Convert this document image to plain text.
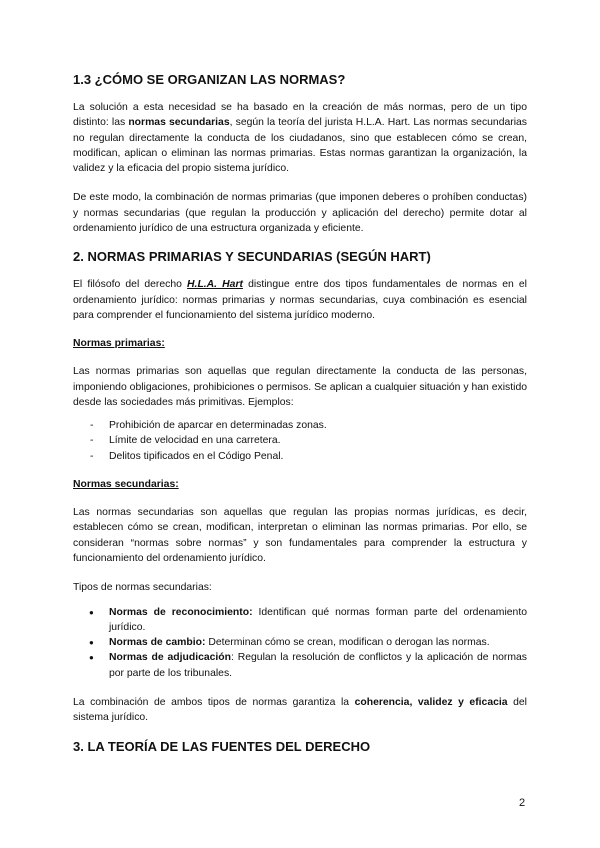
1.3 ¿CÓMO SE ORGANIZAN LAS NORMAS?

La solución a esta necesidad se ha basado en la creación de más normas, pero de un tipo distinto: las normas secundarias, según la teoría del jurista H.L.A. Hart. Las normas secundarias no regulan directamente la conducta de los ciudadanos, sino que establecen cómo se crean, modifican, aplican o eliminan las normas primarias. Estas normas garantizan la organización, la validez y la eficacia del propio sistema jurídico.

De este modo, la combinación de normas primarias (que imponen deberes o prohíben conductas) y normas secundarias (que regulan la producción y aplicación del derecho) permite dotar al ordenamiento jurídico de una estructura organizada y eficiente.

2. NORMAS PRIMARIAS Y SECUNDARIAS (SEGÚN HART)

El filósofo del derecho H.L.A. Hart distingue entre dos tipos fundamentales de normas en el ordenamiento jurídico: normas primarias y normas secundarias, cuya combinación es esencial para comprender el funcionamiento del sistema jurídico moderno.

Normas primarias:

Las normas primarias son aquellas que regulan directamente la conducta de las personas, imponiendo obligaciones, prohibiciones o permisos. Se aplican a cualquier situación y han existido desde las sociedades más primitivas. Ejemplos:

- Prohibición de aparcar en determinadas zonas.
- Límite de velocidad en una carretera.
- Delitos tipificados en el Código Penal.
Normas secundarias:

Las normas secundarias son aquellas que regulan las propias normas jurídicas, es decir, establecen cómo se crean, modifican, interpretan o eliminan las normas primarias. Por ello, se consideran “normas sobre normas” y son fundamentales para comprender la estructura y funcionamiento del ordenamiento jurídico.

Tipos de normas secundarias:

● Normas de reconocimiento: Identifican qué normas forman parte del ordenamiento jurídico.
● Normas de cambio: Determinan cómo se crean, modifican o derogan las normas.
● Normas de adjudicación: Regulan la resolución de conflictos y la aplicación de normas por parte de los tribunales.

La combinación de ambos tipos de normas garantiza la coherencia, validez y eficacia del sistema jurídico.

3. LA TEORÍA DE LAS FUENTES DEL DERECHO
2
